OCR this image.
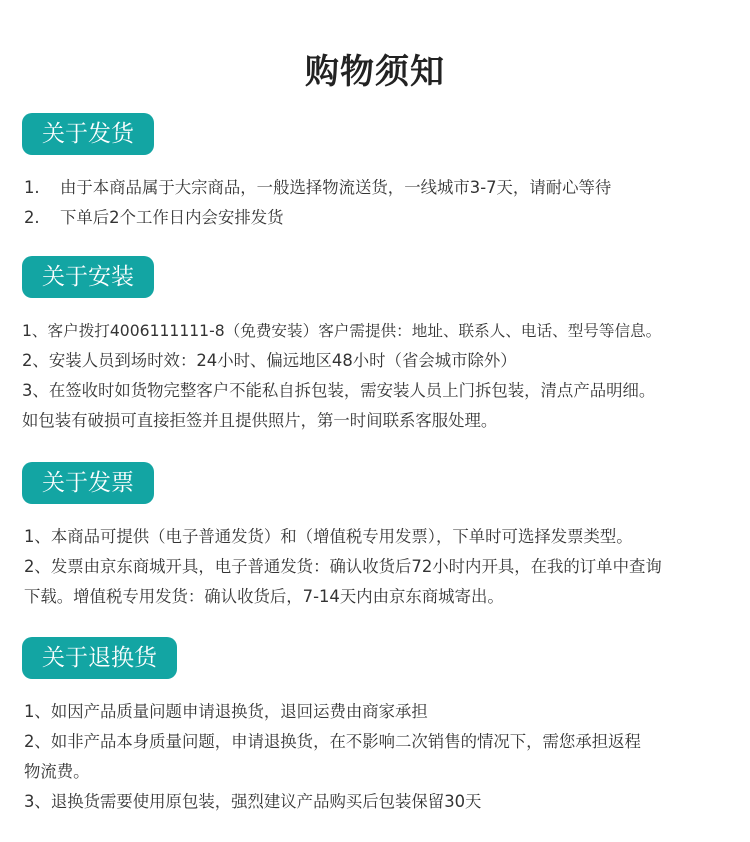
购物须知
关于发货
1. 由于本商品属于大宗商品，一般选择物流送货，一线城市3-7天，请耐心等待
2. 下单后2个工作日内会安排发货
关于安装
1、客户拨打4006111111-8（免费安装）客户需提供：地址、联系人、电话、型号等信息。
2、安装人员到场时效：24小时、偏远地区48小时（省会城市除外）
3、在签收时如货物完整客户不能私自拆包装，需安装人员上门拆包装，清点产品明细。
如包装有破损可直接拒签并且提供照片，第一时间联系客服处理。
关于发票
1、本商品可提供（电子普通发货）和（增值税专用发票），下单时可选择发票类型。
2、发票由京东商城开具，电子普通发货：确认收货后72小时内开具，在我的订单中查询
下载。增值税专用发货：确认收货后，7-14天内由京东商城寄出。
关于退换货
1、如因产品质量问题申请退换货，退回运费由商家承担
2、如非产品本身质量问题，申请退换货，在不影响二次销售的情况下，需您承担返程
物流费。
3、退换货需要使用原包装，强烈建议产品购买后包装保留30天
